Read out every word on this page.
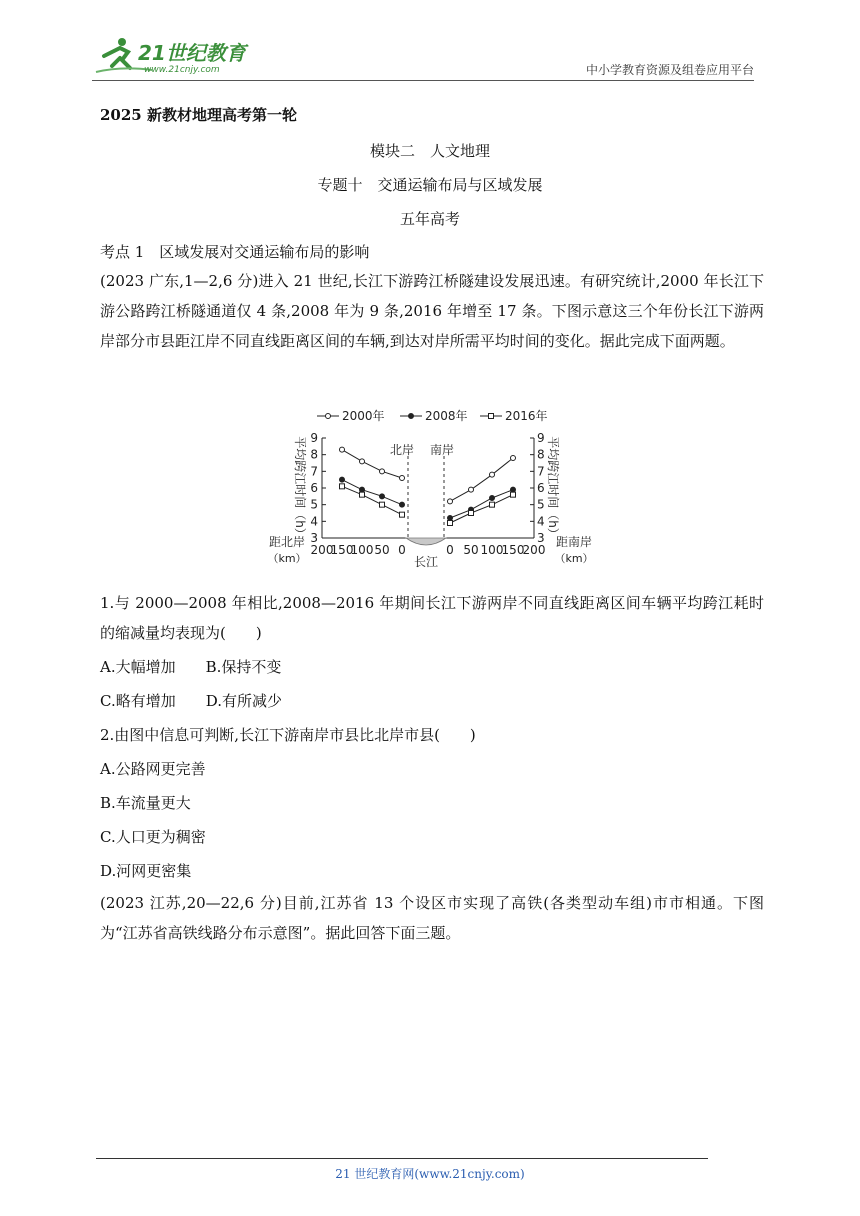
21世纪教育
www.21cnjy.com	中小学教育资源及组卷应用平台
2025 新教材地理高考第一轮
模块二　人文地理
专题十　交通运输布局与区域发展
五年高考
考点 1　区域发展对交通运输布局的影响

(2023 广东,1—2,6 分)进入 21 世纪,长江下游跨江桥隧建设发展迅速。有研究统计,2000 年长江下游公路跨江桥隧通道仅 4 条,2008 年为 9 条,2016 年增至 17 条。下图示意这三个年份长江下游两岸部分市县距江岸不同直线距离区间的车辆,到达对岸所需平均时间的变化。据此完成下面两题。

2000年	2008年	2016年
3	3
4	4
5	5
6	6
7	7
8	8
9	9
平均跨江时间（h）	平均跨江时间（h）
200
150
100 50 0	0 50 100
150
200
距北岸
（km）
距南岸
（km）
长江
北岸 南岸

1.与 2000—2008 年相比,2008—2016 年期间长江下游两岸不同直线距离区间车辆平均跨江耗时的缩减量均表现为(　　)

A.大幅增加　　B.保持不变
C.略有增加　　D.有所减少
2.由图中信息可判断,长江下游南岸市县比北岸市县(　　)
A.公路网更完善
B.车流量更大
C.人口更为稠密
D.河网更密集

(2023 江苏,20—22,6 分)目前,江苏省 13 个设区市实现了高铁(各类型动车组)市市相通。下图为“江苏省高铁线路分布示意图”。据此回答下面三题。

21 世纪教育网(www.21cnjy.com)
